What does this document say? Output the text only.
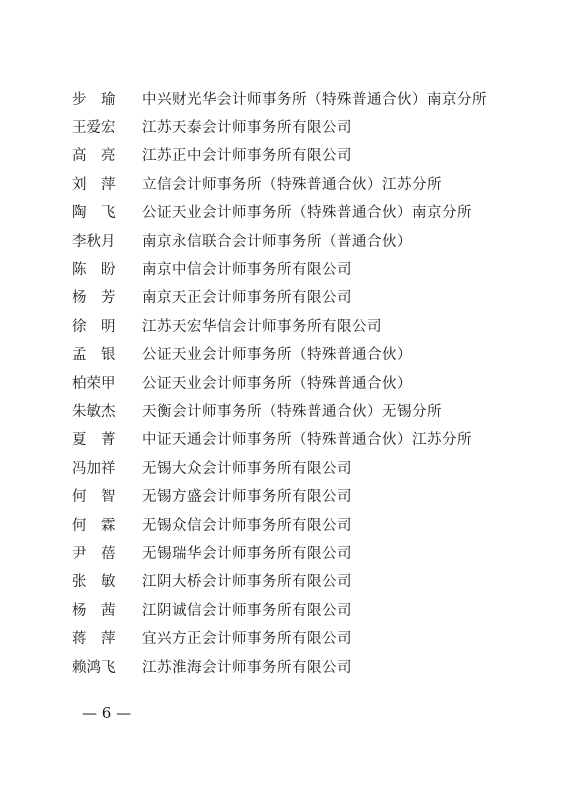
步　瑜	中兴财光华会计师事务所（特殊普通合伙）南京分所
王爱宏	江苏天泰会计师事务所有限公司
高　亮	江苏正中会计师事务所有限公司
刘　萍	立信会计师事务所（特殊普通合伙）江苏分所
陶　飞	公证天业会计师事务所（特殊普通合伙）南京分所
李秋月	南京永信联合会计师事务所（普通合伙）
陈　盼	南京中信会计师事务所有限公司
杨　芳	南京天正会计师事务所有限公司
徐　明	江苏天宏华信会计师事务所有限公司
孟　银	公证天业会计师事务所（特殊普通合伙）
柏荣甲	公证天业会计师事务所（特殊普通合伙）
朱敏杰	天衡会计师事务所（特殊普通合伙）无锡分所
夏　菁	中证天通会计师事务所（特殊普通合伙）江苏分所
冯加祥	无锡大众会计师事务所有限公司
何　智	无锡方盛会计师事务所有限公司
何　霖	无锡众信会计师事务所有限公司
尹　蓓	无锡瑞华会计师事务所有限公司
张　敏	江阴大桥会计师事务所有限公司
杨　茜	江阴诚信会计师事务所有限公司
蒋　萍	宜兴方正会计师事务所有限公司
赖鸿飞	江苏淮海会计师事务所有限公司
— 6 —
